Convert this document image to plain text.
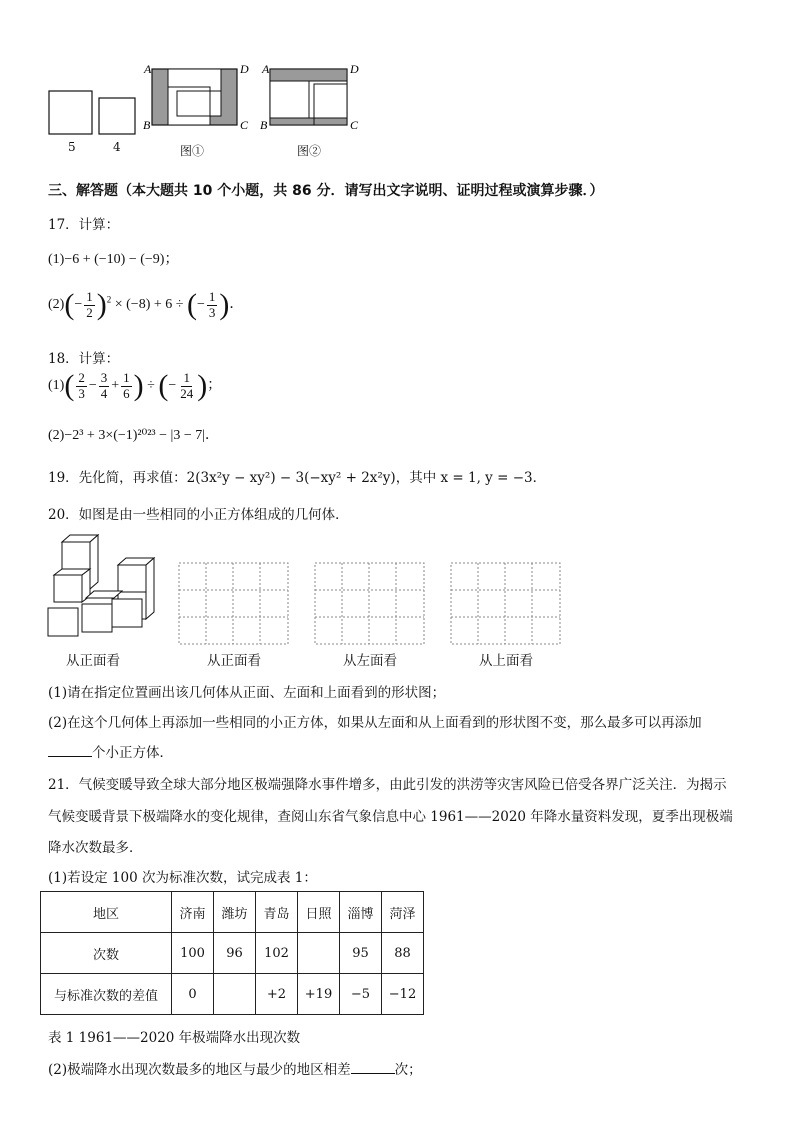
A
B	C
D A
B	C
D
5	4	图①	图②
三、解答题（本大题共 10 个小题，共 86 分．请写出文字说明、证明过程或演算步骤．）
17．计算：
(1)−6 + (−10) − (−9)；
$(2)(- \frac{1}{2} )^2 \times (-8) + 6$ ÷ (− $\frac{1}{3}$ )．
18．计算：
$(1)( \frac{2}{3} - \frac{3}{4} + \frac{1}{6}$ ) ÷ (− $\frac{1}{24}$ )；
(2)−2³ + 3×(−1)²⁰²³ − |3 − 7|．
19．先化简，再求值：2(3x²y − xy²) − 3(−xy² + 2x²y)，其中 x = 1, y = −3．
20．如图是由一些相同的小正方体组成的几何体．
从正面看	从正面看	从左面看	从上面看
(1)请在指定位置画出该几何体从正面、左面和上面看到的形状图；
(2)在这个几何体上再添加一些相同的小正方体，如果从左面和从上面看到的形状图不变，那么最多可以再添加
个小正方体．
21．气候变暖导致全球大部分地区极端强降水事件增多，由此引发的洪涝等灾害风险已倍受各界广泛关注．为揭示
气候变暖背景下极端降水的变化规律，查阅山东省气象信息中心 1961——2020 年降水量资料发现，夏季出现极端
降水次数最多．
(1)若设定 100 次为标准次数，试完成表 1：
地区	济南	潍坊	青岛	日照	淄博	菏泽
次数	100	96	102		95	88
与标准次数的差值	0		+2	+19	−5	−12
表 1 1961——2020 年极端降水出现次数
(2)极端降水出现次数最多的地区与最少的地区相差	次；
